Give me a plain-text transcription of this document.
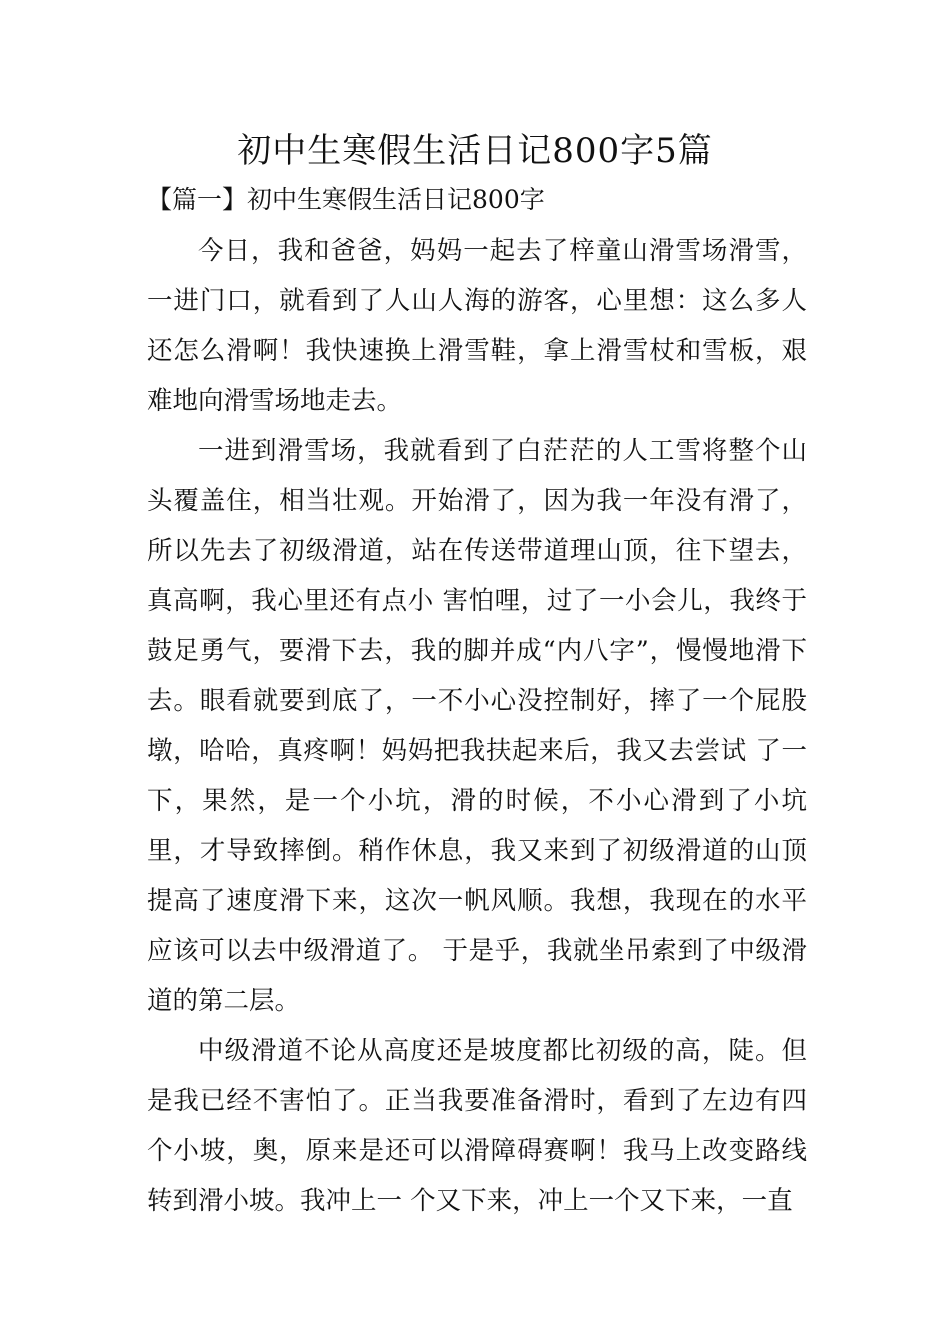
初中生寒假生活日记800字5篇

【篇一】初中生寒假生活日记800字

今日，我和爸爸，妈妈一起去了梓童山滑雪场滑雪，一进门口，就看到了人山人海的游客，心里想：这么多人还怎么滑啊！我快速换上滑雪鞋，拿上滑雪杖和雪板，艰难地向滑雪场地走去。

一进到滑雪场，我就看到了白茫茫的人工雪将整个山头覆盖住，相当壮观。开始滑了，因为我一年没有滑了，所以先去了初级滑道，站在传送带道理山顶，往下望去，真高啊，我心里还有点小 害怕哩，过了一小会儿，我终于鼓足勇气，要滑下去，我的脚并成“内八字”，慢慢地滑下去。眼看就要到底了，一不小心没控制好，摔了一个屁股墩，哈哈，真疼啊！妈妈把我扶起来后，我又去尝试 了一下，果然，是一个小坑，滑的时候，不小心滑到了小坑里，才导致摔倒。稍作休息，我又来到了初级滑道的山顶提高了速度滑下来，这次一帆风顺。我想，我现在的水平应该可以去中级滑道了。 于是乎，我就坐吊索到了中级滑道的第二层。

中级滑道不论从高度还是坡度都比初级的高，陡。但是我已经不害怕了。正当我要准备滑时，看到了左边有四个小坡，奥，原来是还可以滑障碍赛啊！我马上改变路线转到滑小坡。我冲上一 个又下来，冲上一个又下来，一直
